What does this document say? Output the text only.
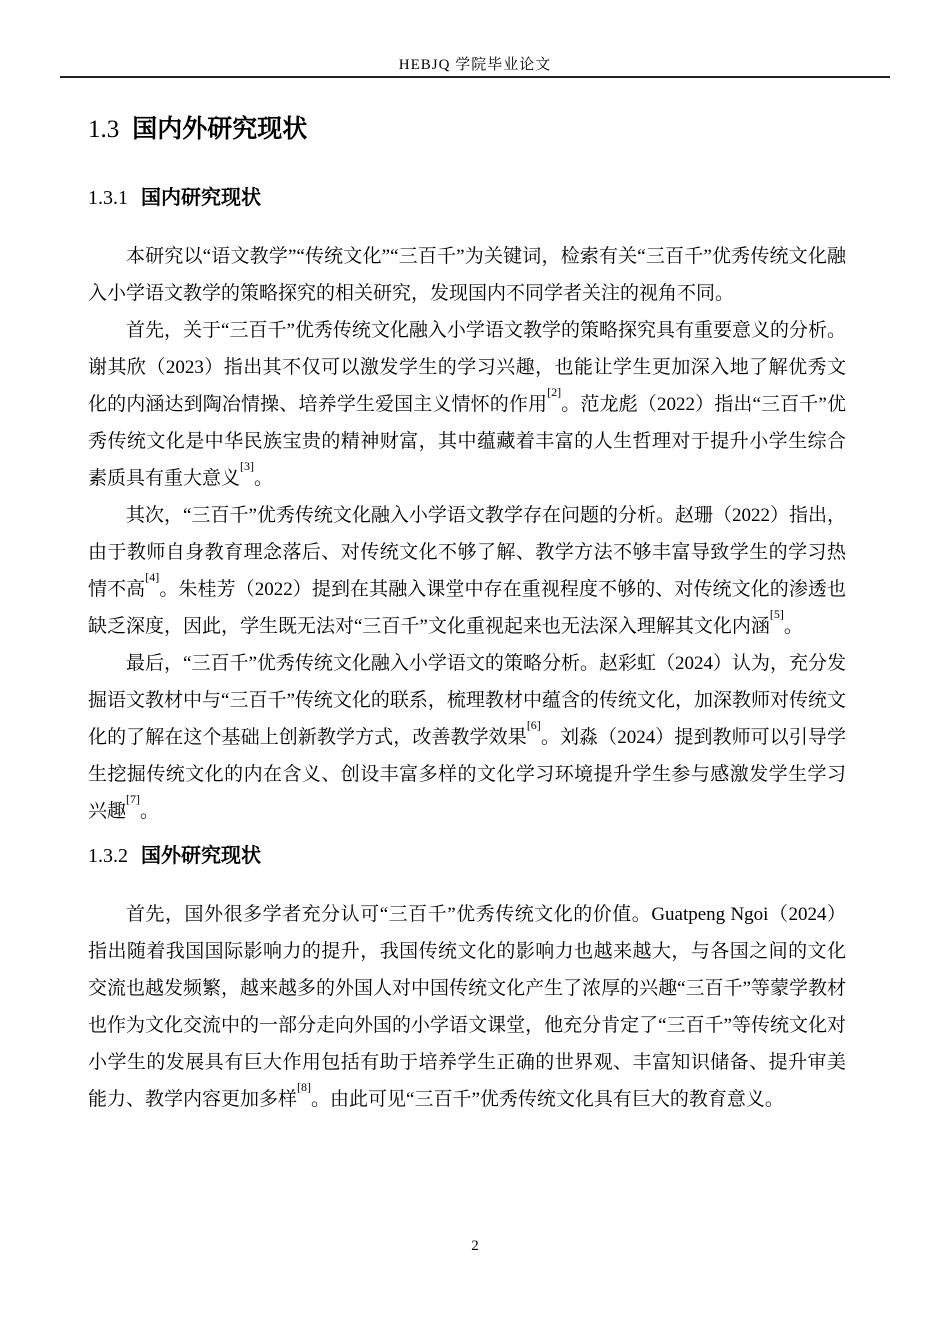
HEBJQ 学院毕业论文
1.3 国内外研究现状
1.3.1 国内研究现状

本研究以“语文教学”“传统文化”“三百千”为关键词，检索有关“三百千”优秀传统文化融入小学语文教学的策略探究的相关研究，发现国内不同学者关注的视角不同。

首先，关于“三百千”优秀传统文化融入小学语文教学的策略探究具有重要意义的分析。谢其欣（2023）指出其不仅可以激发学生的学习兴趣，也能让学生更加深入地了解优秀文化的内涵达到陶冶情操、培养学生爱国主义情怀的作用[2]。范龙彪（2022）指出“三百千”优秀传统文化是中华民族宝贵的精神财富，其中蕴藏着丰富的人生哲理对于提升小学生综合素质具有重大意义[3]。

其次，“三百千”优秀传统文化融入小学语文教学存在问题的分析。赵珊（2022）指出，由于教师自身教育理念落后、对传统文化不够了解、教学方法不够丰富导致学生的学习热情不高[4]。朱桂芳（2022）提到在其融入课堂中存在重视程度不够的、对传统文化的渗透也缺乏深度，因此，学生既无法对“三百千”文化重视起来也无法深入理解其文化内涵[5]。

最后，“三百千”优秀传统文化融入小学语文的策略分析。赵彩虹（2024）认为，充分发掘语文教材中与“三百千”传统文化的联系，梳理教材中蕴含的传统文化，加深教师对传统文化的了解在这个基础上创新教学方式，改善教学效果[6]。刘淼（2024）提到教师可以引导学生挖掘传统文化的内在含义、创设丰富多样的文化学习环境提升学生参与感激发学生学习兴趣[7]。

1.3.2 国外研究现状

首先，国外很多学者充分认可“三百千”优秀传统文化的价值。Guatpeng Ngoi（2024）指出随着我国国际影响力的提升，我国传统文化的影响力也越来越大，与各国之间的文化交流也越发频繁，越来越多的外国人对中国传统文化产生了浓厚的兴趣“三百千”等蒙学教材也作为文化交流中的一部分走向外国的小学语文课堂，他充分肯定了“三百千”等传统文化对小学生的发展具有巨大作用包括有助于培养学生正确的世界观、丰富知识储备、提升审美能力、教学内容更加多样[8]。由此可见“三百千”优秀传统文化具有巨大的教育意义。

2
